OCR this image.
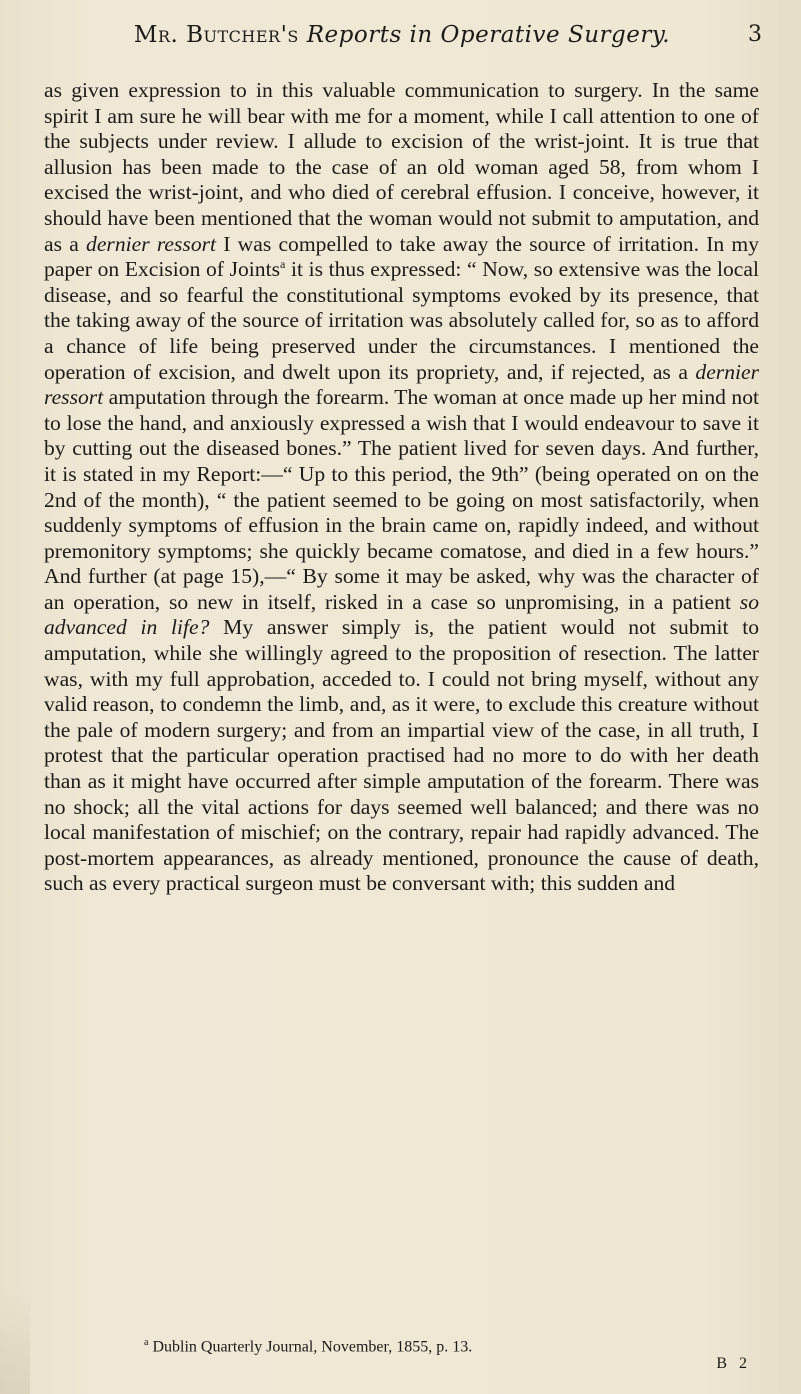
Mr. Butcher's Reports in Operative Surgery.	3

as given expression to in this valuable communication to surgery. In the same spirit I am sure he will bear with me for a moment, while I call attention to one of the subjects under review. I allude to excision of the wrist-joint. It is true that allusion has been made to the case of an old woman aged 58, from whom I excised the wrist-joint, and who died of cerebral effusion. I conceive, however, it should have been mentioned that the woman would not submit to amputation, and as a dernier ressort I was compelled to take away the source of irritation. In my paper on Excision of Joints$^a$ it is thus expressed: “ Now, so extensive was the local disease, and so fearful the constitutional symptoms evoked by its presence, that the taking away of the source of irritation was absolutely called for, so as to afford a chance of life being preserved under the circumstances. I mentioned the operation of excision, and dwelt upon its propriety, and, if rejected, as a dernier ressort amputation through the forearm. The woman at once made up her mind not to lose the hand, and anxiously expressed a wish that I would endeavour to save it by cutting out the diseased bones.” The patient lived for seven days. And further, it is stated in my Report:—“ Up to this period, the 9th” (being operated on on the 2nd of the month), “ the patient seemed to be going on most satisfactorily, when suddenly symptoms of effusion in the brain came on, rapidly indeed, and without premonitory symptoms; she quickly became comatose, and died in a few hours.” And further (at page 15),—“ By some it may be asked, why was the character of an operation, so new in itself, risked in a case so unpromising, in a patient so advanced in life? My answer simply is, the patient would not submit to amputation, while she willingly agreed to the proposition of resection. The latter was, with my full approbation, acceded to. I could not bring myself, without any valid reason, to condemn the limb, and, as it were, to exclude this creature without the pale of modern surgery; and from an impartial view of the case, in all truth, I protest that the particular operation practised had no more to do with her death than as it might have occurred after simple amputation of the forearm. There was no shock; all the vital actions for days seemed well balanced; and there was no local manifestation of mischief; on the contrary, repair had rapidly advanced. The post-mortem appearances, as already mentioned, pronounce the cause of death, such as every practical surgeon must be conversant with; this sudden and

$^a$ Dublin Quarterly Journal, November, 1855, p. 13.
B 2
